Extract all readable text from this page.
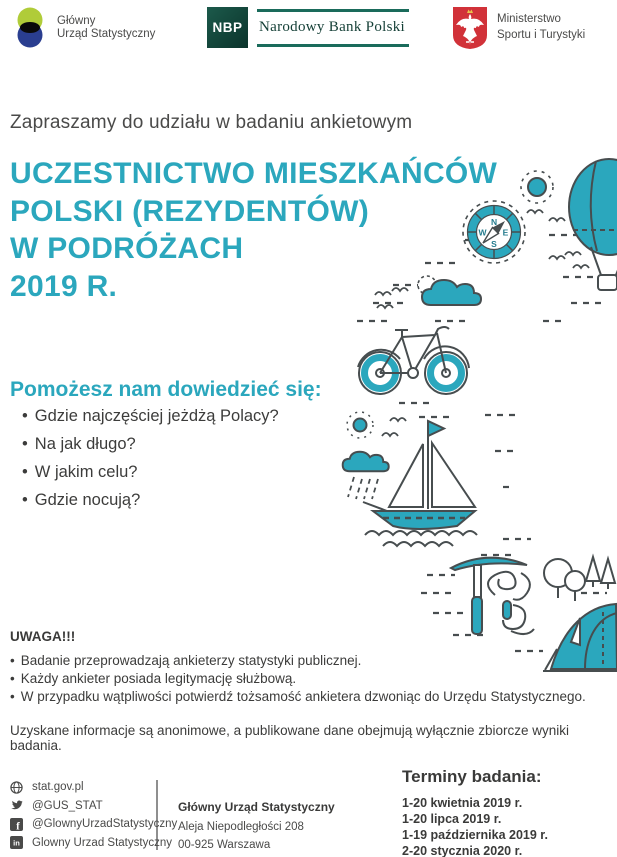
N
E
S
W
Główny
Urząd Statystyczny	NBP	Narodowy Bank Polski	Ministerstwo
Sportu i Turystyki
Zapraszamy do udziału w badaniu ankietowym
UCZESTNICTWO MIESZKAŃCÓW
POLSKI (REZYDENTÓW)
W PODRÓŻACH
2019 R.
Pomożesz nam dowiedzieć się:
• Gdzie najczęściej jeżdżą Polacy?
• Na jak długo?
• W jakim celu?
• Gdzie nocują?
UWAGA!!!
• Badanie przeprowadzają ankieterzy statystyki publicznej.
• Każdy ankieter posiada legitymację służbową.
• W przypadku wątpliwości potwierdź tożsamość ankietera dzwoniąc do Urzędu Statystycznego.
Uzyskane informacje są anonimowe, a publikowane dane obejmują wyłącznie zbiorcze wyniki badania.
stat.gov.pl
@GUS_STAT
f @GlownyUrzadStatystyczny
in Glowny Urzad Statystyczny
Główny Urząd Statystyczny
Aleja Niepodległości 208
00-925 Warszawa
Terminy badania:
1-20 kwietnia 2019 r.
1-20 lipca 2019 r.
1-19 października 2019 r.
2-20 stycznia 2020 r.
